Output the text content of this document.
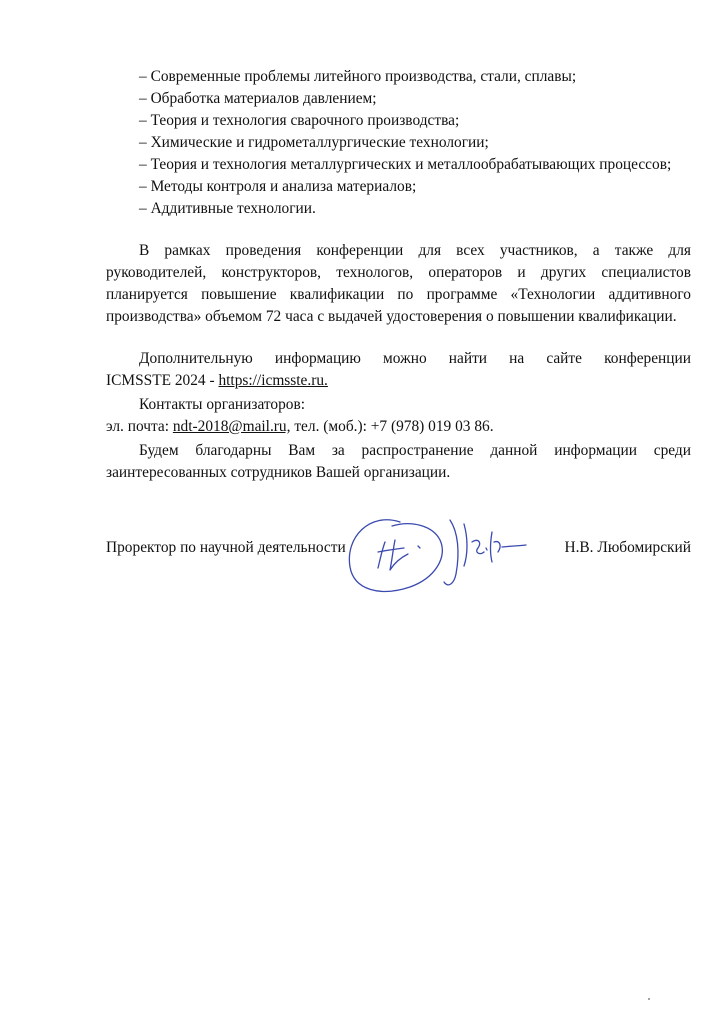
– Современные проблемы литейного производства, стали, сплавы;

– Обработка материалов давлением;

– Теория и технология сварочного производства;

– Химические и гидрометаллургические технологии;

– Теория и технология металлургических и металлообрабатывающих процессов;

– Методы контроля и анализа материалов;

– Аддитивные технологии.

В рамках проведения конференции для всех участников, а также для руководителей, конструкторов, технологов, операторов и других специалистов планируется повышение квалификации по программе «Технологии аддитивного производства» объемом 72 часа с выдачей удостоверения о повышении квалификации.

Дополнительную информацию можно найти на сайте конференции

ICMSSTE 2024 - https://icmsste.ru.

Контакты организаторов:

эл. почта: ndt-2018@mail.ru, тел. (моб.): +7 (978) 019 03 86.

Будем благодарны Вам за распространение данной информации среди заинтересованных сотрудников Вашей организации.

Проректор по научной деятельности	Н.В. Любомирский
